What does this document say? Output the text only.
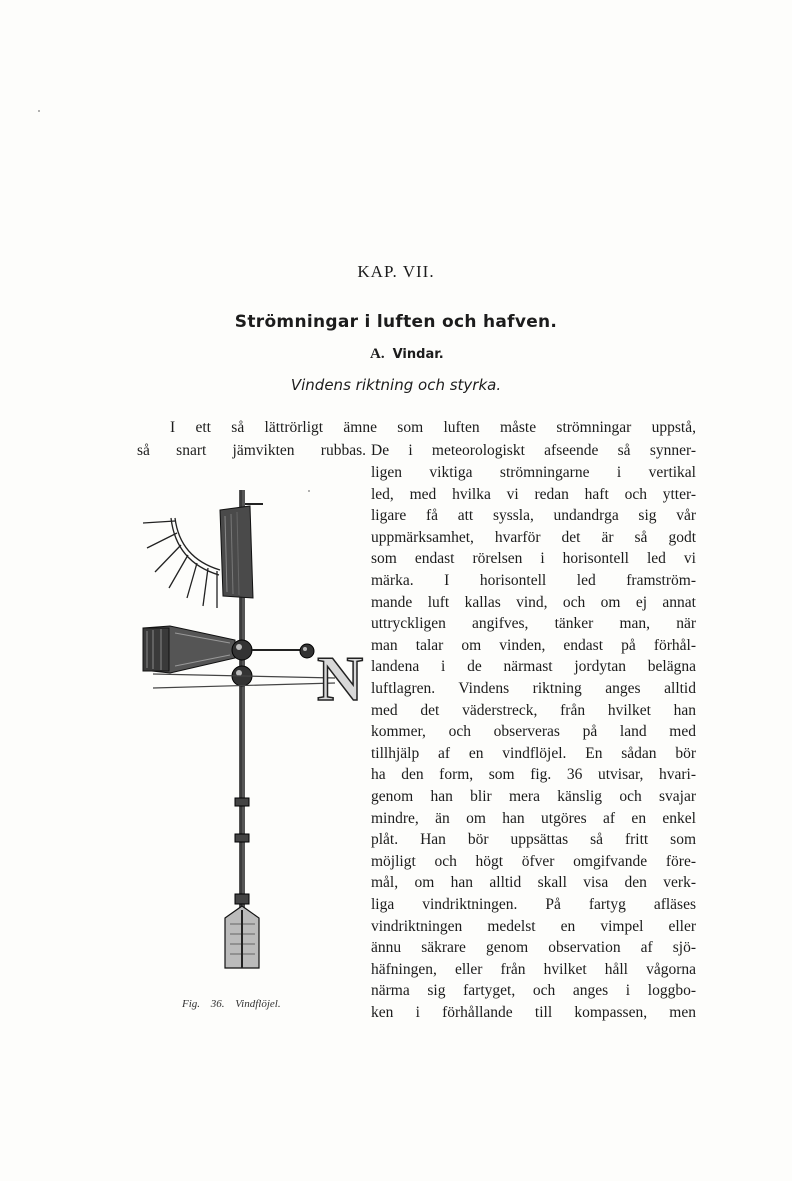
KAP. VII.
Strömningar i luften och hafven.
A. Vindar.
Vindens riktning och styrka.
I ett så lättrörligt ämne som luften måste strömningar uppstå,
så snart jämvikten rubbas. De i meteorologiskt afseende så synner-
ligen viktiga strömningarne i vertikal
led, med hvilka vi redan haft och ytter-
ligare få att syssla, undandrga sig vår
uppmärksamhet, hvarför det är så godt
som endast rörelsen i horisontell led vi
märka. I horisontell led framström-
mande luft kallas vind, och om ej annat
uttryckligen angifves, tänker man, när
man talar om vinden, endast på förhål-
landena i de närmast jordytan belägna
luftlagren. Vindens riktning anges alltid
med det väderstreck, från hvilket han
kommer, och observeras på land med
tillhjälp af en vindflöjel. En sådan bör
ha den form, som fig. 36 utvisar, hvari-
genom han blir mera känslig och svajar
mindre, än om han utgöres af en enkel
plåt. Han bör uppsättas så fritt som
möjligt och högt öfver omgifvande före-
mål, om han alltid skall visa den verk-
liga vindriktningen. På fartyg afläses
vindriktningen medelst en vimpel eller
ännu säkrare genom observation af sjö-
häfningen, eller från hvilket håll vågorna
närma sig fartyget, och anges i loggbo-
ken i förhållande till kompassen, men
N
Fig. 36. Vindflöjel.
